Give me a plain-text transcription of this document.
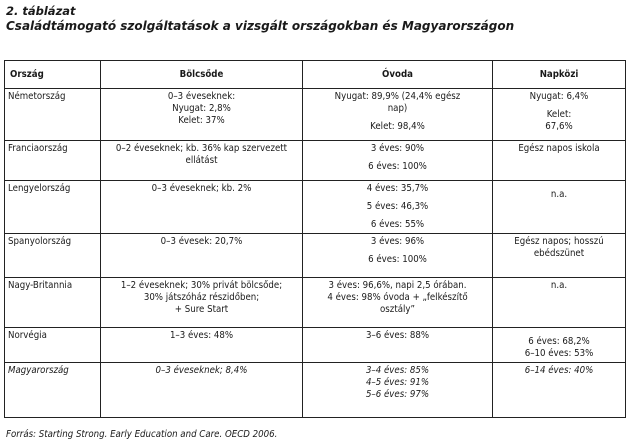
2. táblázat
Családtámogató szolgáltatások a vizsgált országokban és Magyarországon
Ország	Bölcsőde	Óvoda	Napközi
Németország	0–3 éveseknek:
Nyugat: 2,8%
Kelet: 37%	Nyugat: 89,9% (24,4% egész
nap)
Kelet: 98,4%	Nyugat: 6,4%
Kelet:
67,6%

Franciaország	0–2 éveseknek; kb. 36% kap szervezett
ellátást	3 éves: 90%
6 éves: 100%	Egész napos iskola

Lengyelország	0–3 éveseknek; kb. 2%	4 éves: 35,7%
5 éves: 46,3%
6 éves: 55%	n.a.

Spanyolország	0–3 évesek: 20,7%	3 éves: 96%
6 éves: 100%	Egész napos; hosszú
ebédszünet

Nagy-Britannia	1–2 éveseknek; 30% privát bölcsőde;
30% játszóház részidőben;
+ Sure Start	3 éves: 96,6%, napi 2,5 órában.
4 éves: 98% óvoda + „felkészítő
osztály”	n.a.

Norvégia	1–3 éves: 48%	3–6 éves: 88%	6 éves: 68,2%
6–10 éves: 53%

Magyarország	0–3 éveseknek; 8,4%	3–4 éves: 85%
4–5 éves: 91%
5–6 éves: 97%	6–14 éves: 40%
Forrás: Starting Strong. Early Education and Care. OECD 2006.
